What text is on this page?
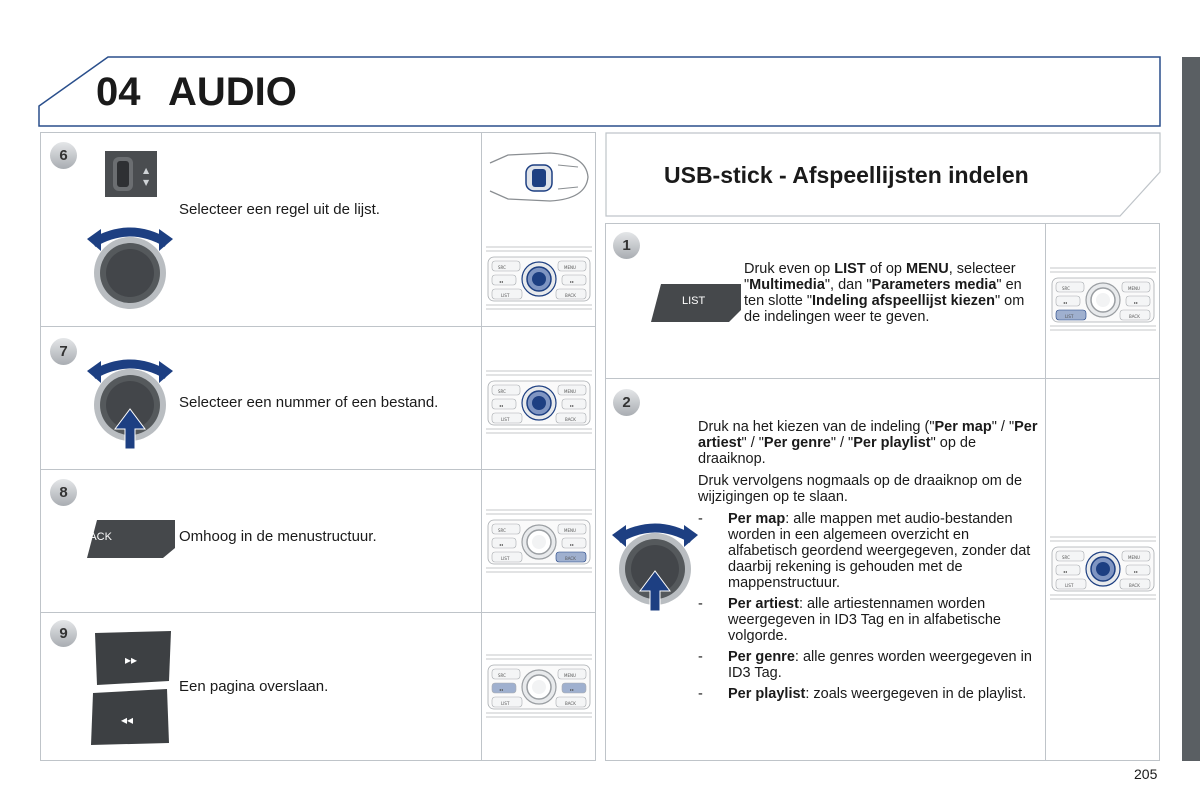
04 AUDIO
6
▲
▼
Selecteer een regel uit de lijst.
SRC	MENU
◂◂	▸▸
LIST	BACK
7
Selecteer een nummer of een bestand.
SRC	MENU
◂◂	▸▸
LIST	BACK
8
BACK	Omhoog in de menustructuur.	SRC	MENU
◂◂	▸▸
LIST	BACK
9
▸▸
◂◂
Een pagina overslaan.
SRC	MENU
◂◂	▸▸
LIST	BACK
USB-stick - Afspeellijsten indelen
1
LIST
Druk even op LIST of op MENU, selecteer "Multimedia", dan "Parameters media" en ten slotte "Indeling afspeellijst kiezen" om de indelingen weer te geven.
SRC	MENU
◂◂	▸▸
LIST	BACK
2

Druk na het kiezen van de indeling ("Per map" / "Per artiest" / "Per genre" / "Per playlist" op de draaiknop.

Druk vervolgens nogmaals op de draaiknop om de wijzigingen op te slaan.

- Per map: alle mappen met audio-bestanden worden in een algemeen overzicht en alfabetisch geordend weergegeven, zonder dat daarbij rekening is gehouden met de mappenstructuur.
- Per artiest: alle artiestennamen worden weergegeven in ID3 Tag en in alfabetische volgorde.
- Per genre: alle genres worden weergegeven in ID3 Tag.
- Per playlist: zoals weergegeven in de playlist.
SRC	MENU
◂◂	▸▸
LIST	BACK
205
